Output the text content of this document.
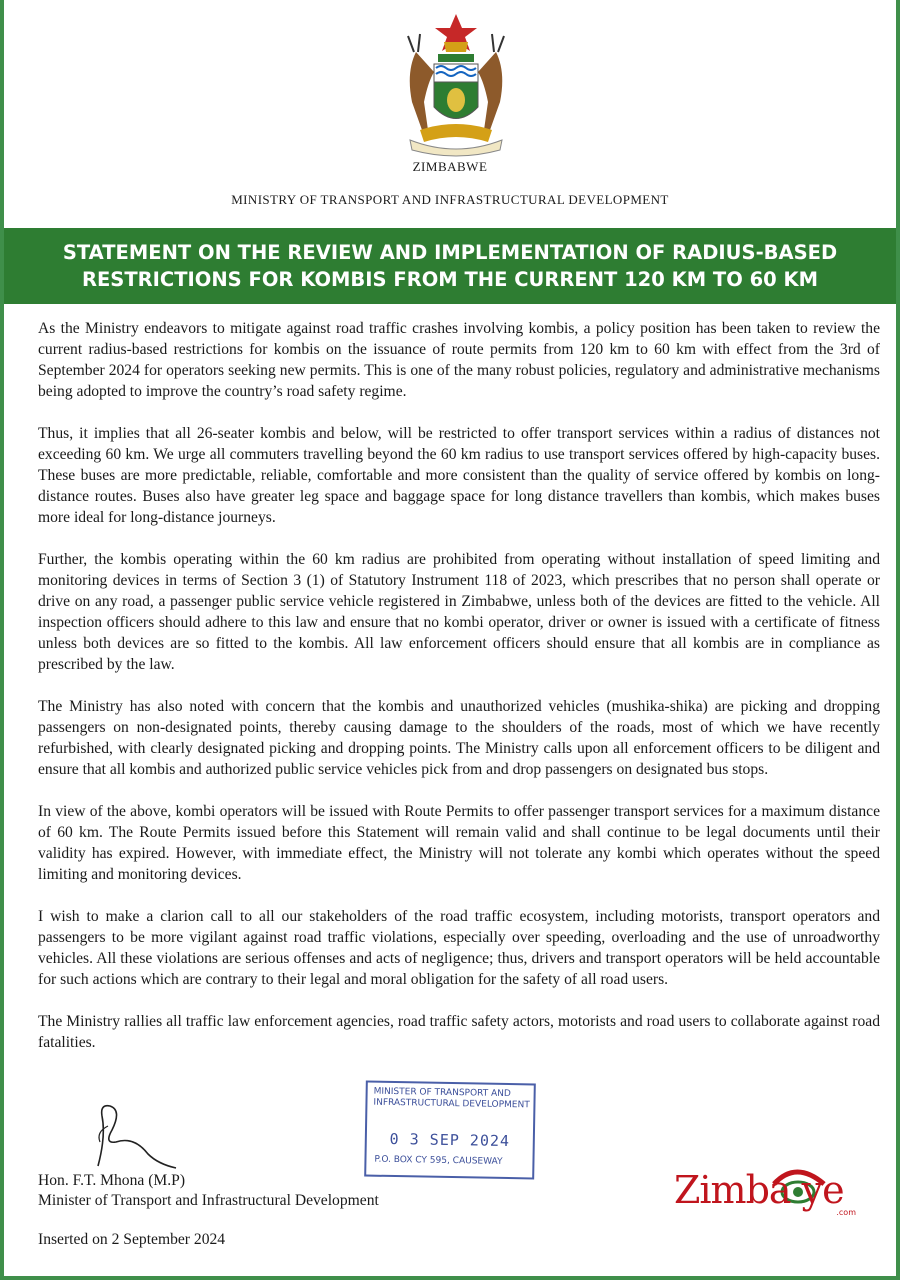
ZIMBABWE
MINISTRY OF TRANSPORT AND INFRASTRUCTURAL DEVELOPMENT
STATEMENT ON THE REVIEW AND IMPLEMENTATION OF RADIUS-BASED RESTRICTIONS FOR KOMBIS FROM THE CURRENT 120 KM TO 60 KM

As the Ministry endeavors to mitigate against road traffic crashes involving kombis, a policy position has been taken to review the current radius-based restrictions for kombis on the issuance of route permits from 120 km to 60 km with effect from the 3rd of September 2024 for operators seeking new permits. This is one of the many robust policies, regulatory and administrative mechanisms being adopted to improve the country’s road safety regime.

Thus, it implies that all 26-seater kombis and below, will be restricted to offer transport services within a radius of distances not exceeding 60 km. We urge all commuters travelling beyond the 60 km radius to use transport services offered by high-capacity buses. These buses are more predictable, reliable, comfortable and more consistent than the quality of service offered by kombis on long-distance routes. Buses also have greater leg space and baggage space for long distance travellers than kombis, which makes buses more ideal for long-distance journeys.

Further, the kombis operating within the 60 km radius are prohibited from operating without installation of speed limiting and monitoring devices in terms of Section 3 (1) of Statutory Instrument 118 of 2023, which prescribes that no person shall operate or drive on any road, a passenger public service vehicle registered in Zimbabwe, unless both of the devices are fitted to the vehicle. All inspection officers should adhere to this law and ensure that no kombi operator, driver or owner is issued with a certificate of fitness unless both devices are so fitted to the kombis. All law enforcement officers should ensure that all kombis are in compliance as prescribed by the law.

The Ministry has also noted with concern that the kombis and unauthorized vehicles (mushika-shika) are picking and dropping passengers on non-designated points, thereby causing damage to the shoulders of the roads, most of which we have recently refurbished, with clearly designated picking and dropping points. The Ministry calls upon all enforcement officers to be diligent and ensure that all kombis and authorized public service vehicles pick from and drop passengers on designated bus stops.

In view of the above, kombi operators will be issued with Route Permits to offer passenger transport services for a maximum distance of 60 km. The Route Permits issued before this Statement will remain valid and shall continue to be legal documents until their validity has expired. However, with immediate effect, the Ministry will not tolerate any kombi which operates without the speed limiting and monitoring devices.

I wish to make a clarion call to all our stakeholders of the road traffic ecosystem, including motorists, transport operators and passengers to be more vigilant against road traffic violations, especially over speeding, overloading and the use of unroadworthy vehicles. All these violations are serious offenses and acts of negligence; thus, drivers and transport operators will be held accountable for such actions which are contrary to their legal and moral obligation for the safety of all road users.

The Ministry rallies all traffic law enforcement agencies, road traffic safety actors, motorists and road users to collaborate against road fatalities.

Hon. F.T. Mhona (M.P)
Minister of Transport and Infrastructural Development
MINISTER OF TRANSPORT AND
INFRASTRUCTURAL DEVELOPMENT
0 3 SEP 2024
P.O. BOX CY 595, CAUSEWAY
Inserted on 2 September 2024
Zimba ye
.com
